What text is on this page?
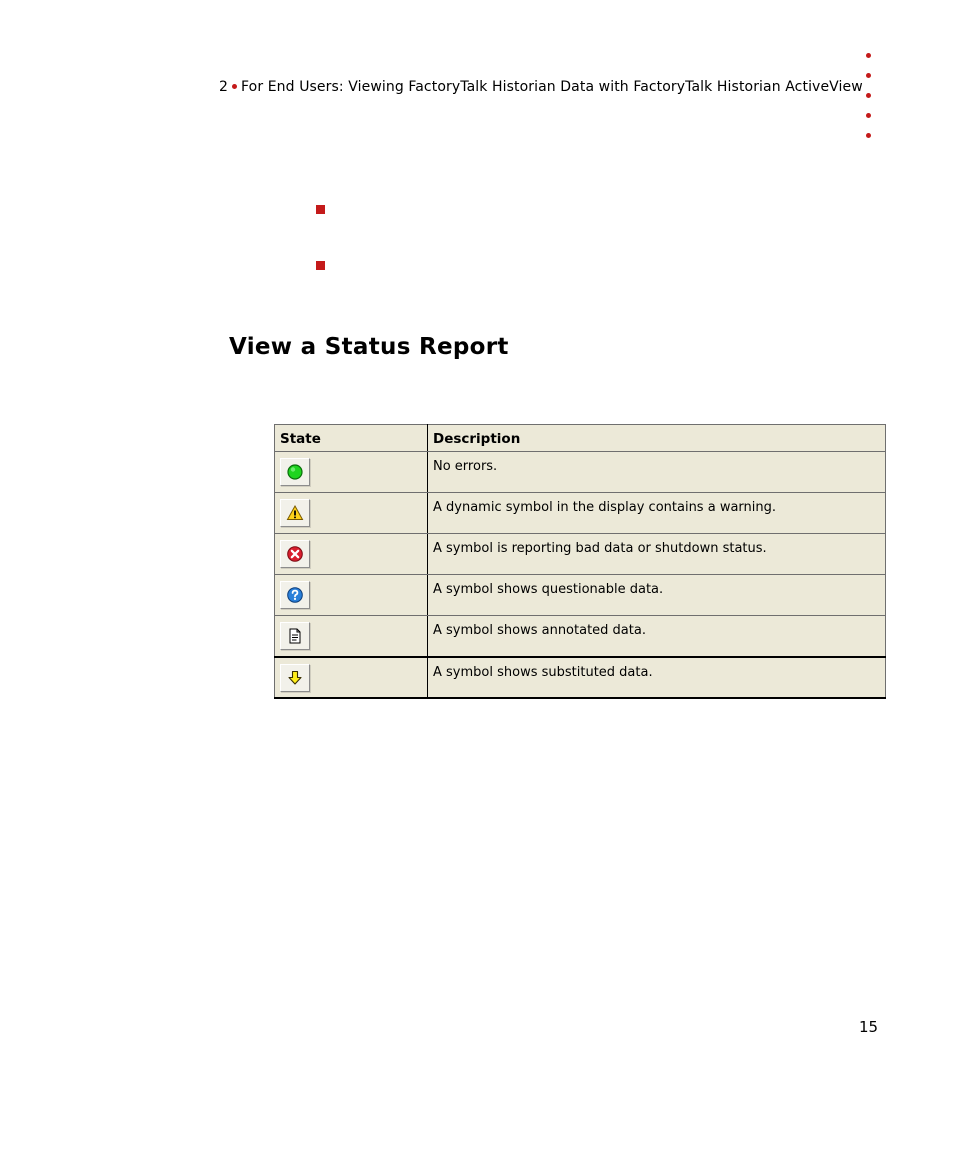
2 For End Users: Viewing FactoryTalk Historian Data with FactoryTalk Historian ActiveView
View a Status Report
State	Description

	No errors.

	A dynamic symbol in the display contains a warning.

	A symbol is reporting bad data or shutdown status.

	A symbol shows questionable data.

	A symbol shows annotated data.

	A symbol shows substituted data.
15
